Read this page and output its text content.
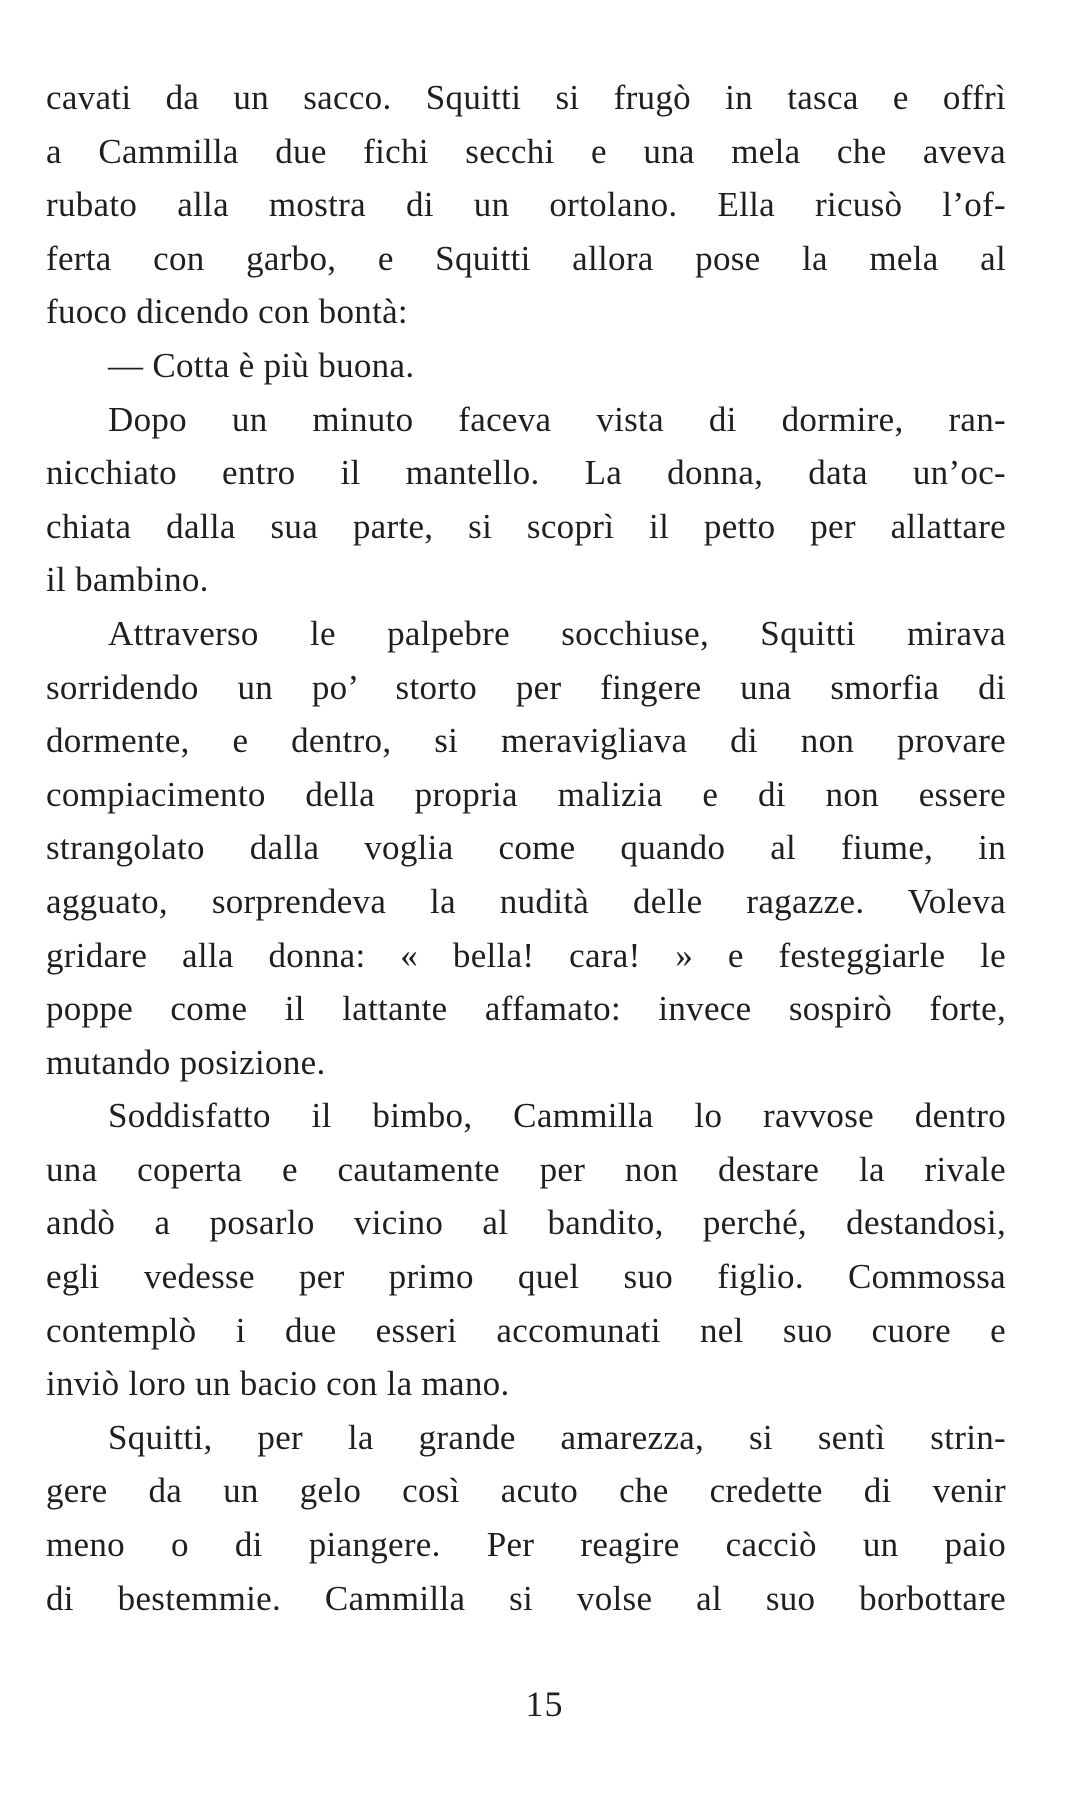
cavati da un sacco. Squitti si frugò in tasca e offrì
a Cammilla due fichi secchi e una mela che aveva
rubato alla mostra di un ortolano. Ella ricusò l’of-
ferta con garbo, e Squitti allora pose la mela al
fuoco dicendo con bontà:
— Cotta è più buona.
Dopo un minuto faceva vista di dormire, ran-
nicchiato entro il mantello. La donna, data un’oc-
chiata dalla sua parte, si scoprì il petto per allattare
il bambino.
Attraverso le palpebre socchiuse, Squitti mirava
sorridendo un po’ storto per fingere una smorfia di
dormente, e dentro, si meravigliava di non provare
compiacimento della propria malizia e di non essere
strangolato dalla voglia come quando al fiume, in
agguato, sorprendeva la nudità delle ragazze. Voleva
gridare alla donna: « bella! cara! » e festeggiarle le
poppe come il lattante affamato: invece sospirò forte,
mutando posizione.
Soddisfatto il bimbo, Cammilla lo ravvose dentro
una coperta e cautamente per non destare la rivale
andò a posarlo vicino al bandito, perché, destandosi,
egli vedesse per primo quel suo figlio. Commossa
contemplò i due esseri accomunati nel suo cuore e
inviò loro un bacio con la mano.
Squitti, per la grande amarezza, si sentì strin-
gere da un gelo così acuto che credette di venir
meno o di piangere. Per reagire cacciò un paio
di bestemmie. Cammilla si volse al suo borbottare
15
